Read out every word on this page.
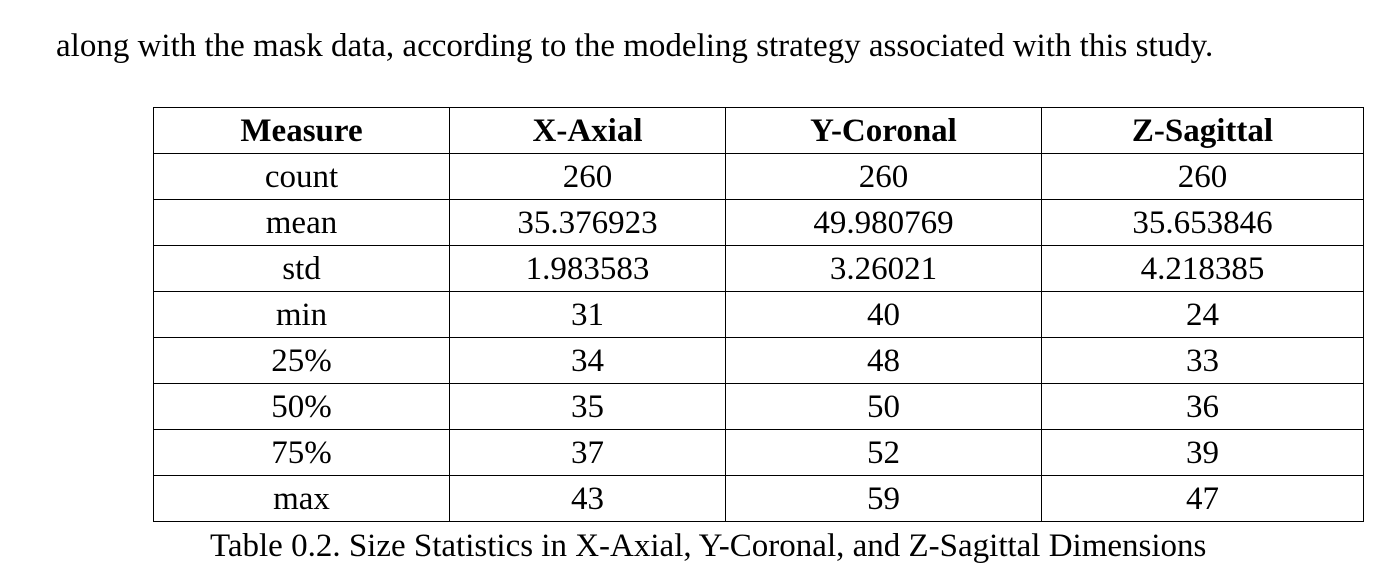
along with the mask data, according to the modeling strategy associated with this study.

Measure	X-Axial	Y-Coronal	Z-Sagittal
count	260	260	260
mean	35.376923	49.980769	35.653846
std	1.983583	3.26021	4.218385
min	31	40	24
25%	34	48	33
50%	35	50	36
75%	37	52	39
max	43	59	47

Table 0.2. Size Statistics in X-Axial, Y-Coronal, and Z-Sagittal Dimensions
